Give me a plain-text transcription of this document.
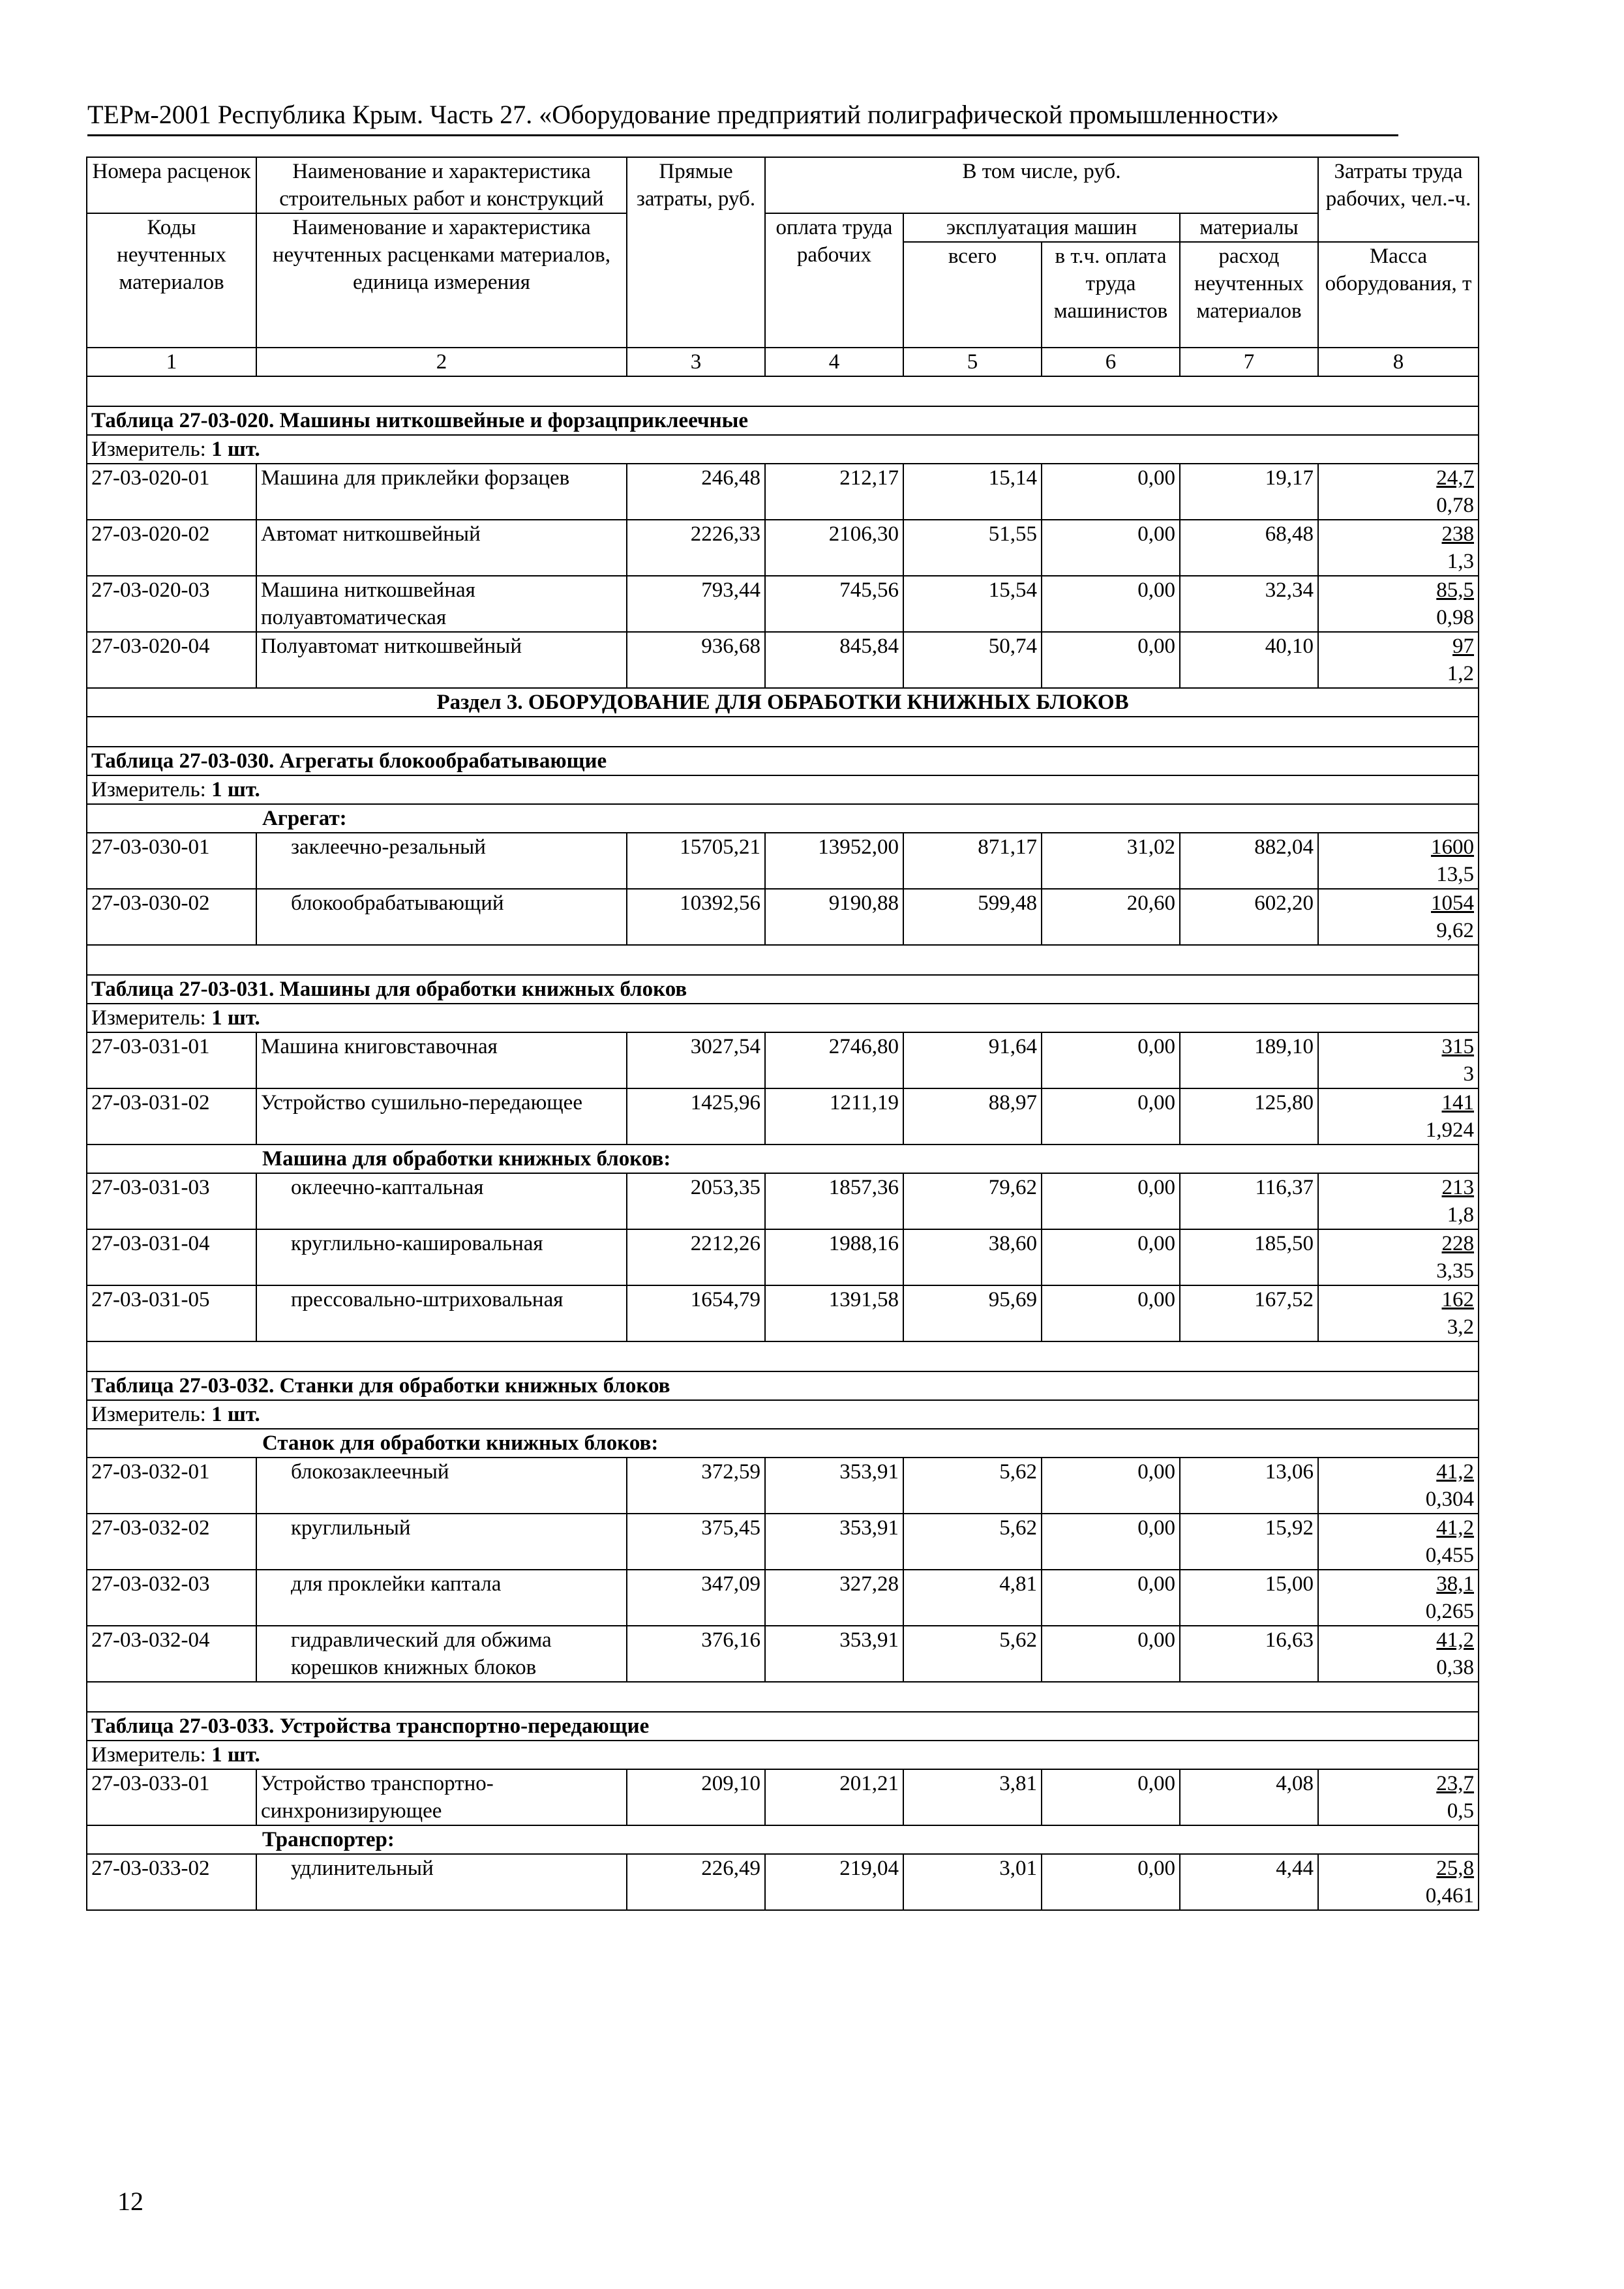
ТЕРм-2001 Республика Крым. Часть 27. «Оборудование предприятий полиграфической промышленности»
Номера расценок	Наименование и характеристика строительных работ и конструкций	Прямые затраты, руб.	В том числе, руб.				Затраты труда рабочих, чел.-ч.
Коды неучтенных материалов	Наименование и характеристика неучтенных расценками материалов, единица измерения		оплата труда рабочих	эксплуатация машин		материалы	
				всего	в т.ч. оплата труда машинистов	расход неучтенных материалов	Масса оборудования, т
1	2	3	4	5	6	7	8

Таблица 27-03-020. Машины ниткошвейные и форзацприклеечные							
Измеритель: 1 шт.							
27-03-020-01	Машина для приклейки форзацев	246,48	212,17	15,14	0,00	19,17	24,7
0,78

27-03-020-02	Автомат ниткошвейный	2226,33	2106,30	51,55	0,00	68,48	238
1,3

27-03-020-03	Машина ниткошвейная полуавтоматическая	793,44	745,56	15,54	0,00	32,34	85,5
0,98

27-03-020-04	Полуавтомат ниткошвейный	936,68	845,84	50,74	0,00	40,10	97
1,2

Раздел 3. ОБОРУДОВАНИЕ ДЛЯ ОБРАБОТКИ КНИЖНЫХ БЛОКОВ							

Таблица 27-03-030. Агрегаты блокообрабатывающие							
Измеритель: 1 шт.							
Агрегат:							
27-03-030-01	заклеечно-резальный	15705,21	13952,00	871,17	31,02	882,04	1600
13,5

27-03-030-02	блокообрабатывающий	10392,56	9190,88	599,48	20,60	602,20	1054
9,62

Таблица 27-03-031. Машины для обработки книжных блоков							
Измеритель: 1 шт.							
27-03-031-01	Машина книговставочная	3027,54	2746,80	91,64	0,00	189,10	315
3

27-03-031-02	Устройство сушильно-передающее	1425,96	1211,19	88,97	0,00	125,80	141
1,924

Машина для обработки книжных блоков:							
27-03-031-03	оклеечно-каптальная	2053,35	1857,36	79,62	0,00	116,37	213
1,8

27-03-031-04	круглильно-кашировальная	2212,26	1988,16	38,60	0,00	185,50	228
3,35

27-03-031-05	прессовально-штриховальная	1654,79	1391,58	95,69	0,00	167,52	162
3,2

Таблица 27-03-032. Станки для обработки книжных блоков							
Измеритель: 1 шт.							
Станок для обработки книжных блоков:							
27-03-032-01	блокозаклеечный	372,59	353,91	5,62	0,00	13,06	41,2
0,304

27-03-032-02	круглильный	375,45	353,91	5,62	0,00	15,92	41,2
0,455

27-03-032-03	для проклейки каптала	347,09	327,28	4,81	0,00	15,00	38,1
0,265

27-03-032-04	гидравлический для обжима корешков книжных блоков	376,16	353,91	5,62	0,00	16,63	41,2
0,38

Таблица 27-03-033. Устройства транспортно-передающие							
Измеритель: 1 шт.							
27-03-033-01	Устройство транспортно-синхронизирующее	209,10	201,21	3,81	0,00	4,08	23,7
0,5

Транспортер:							
27-03-033-02	удлинительный	226,49	219,04	3,01	0,00	4,44	25,8
0,461
12
